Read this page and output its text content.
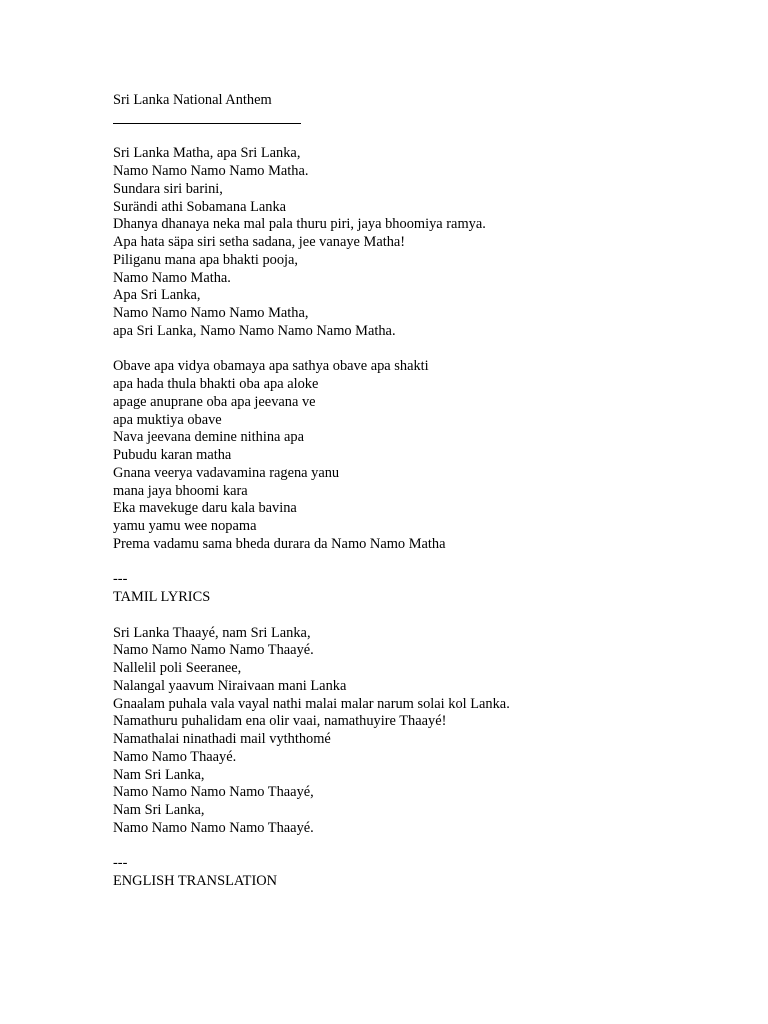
Sri Lanka National Anthem
Sri Lanka Matha, apa Sri Lanka,
Namo Namo Namo Namo Matha.
Sundara siri barini,
Surändi athi Sobamana Lanka
Dhanya dhanaya neka mal pala thuru piri, jaya bhoomiya ramya.
Apa hata säpa siri setha sadana, jee vanaye Matha!
Piliganu mana apa bhakti pooja,
Namo Namo Matha.
Apa Sri Lanka,
Namo Namo Namo Namo Matha,
apa Sri Lanka, Namo Namo Namo Namo Matha.
Obave apa vidya obamaya apa sathya obave apa shakti
apa hada thula bhakti oba apa aloke
apage anuprane oba apa jeevana ve
apa muktiya obave
Nava jeevana demine nithina apa
Pubudu karan matha
Gnana veerya vadavamina ragena yanu
mana jaya bhoomi kara
Eka mavekuge daru kala bavina
yamu yamu wee nopama
Prema vadamu sama bheda durara da Namo Namo Matha
---
TAMIL LYRICS
Sri Lanka Thaayé, nam Sri Lanka,
Namo Namo Namo Namo Thaayé.
Nallelil poli Seeranee,
Nalangal yaavum Niraivaan mani Lanka
Gnaalam puhala vala vayal nathi malai malar narum solai kol Lanka.
Namathuru puhalidam ena olir vaai, namathuyire Thaayé!
Namathalai ninathadi mail vyththomé
Namo Namo Thaayé.
Nam Sri Lanka,
Namo Namo Namo Namo Thaayé,
Nam Sri Lanka,
Namo Namo Namo Namo Thaayé.
---
ENGLISH TRANSLATION
